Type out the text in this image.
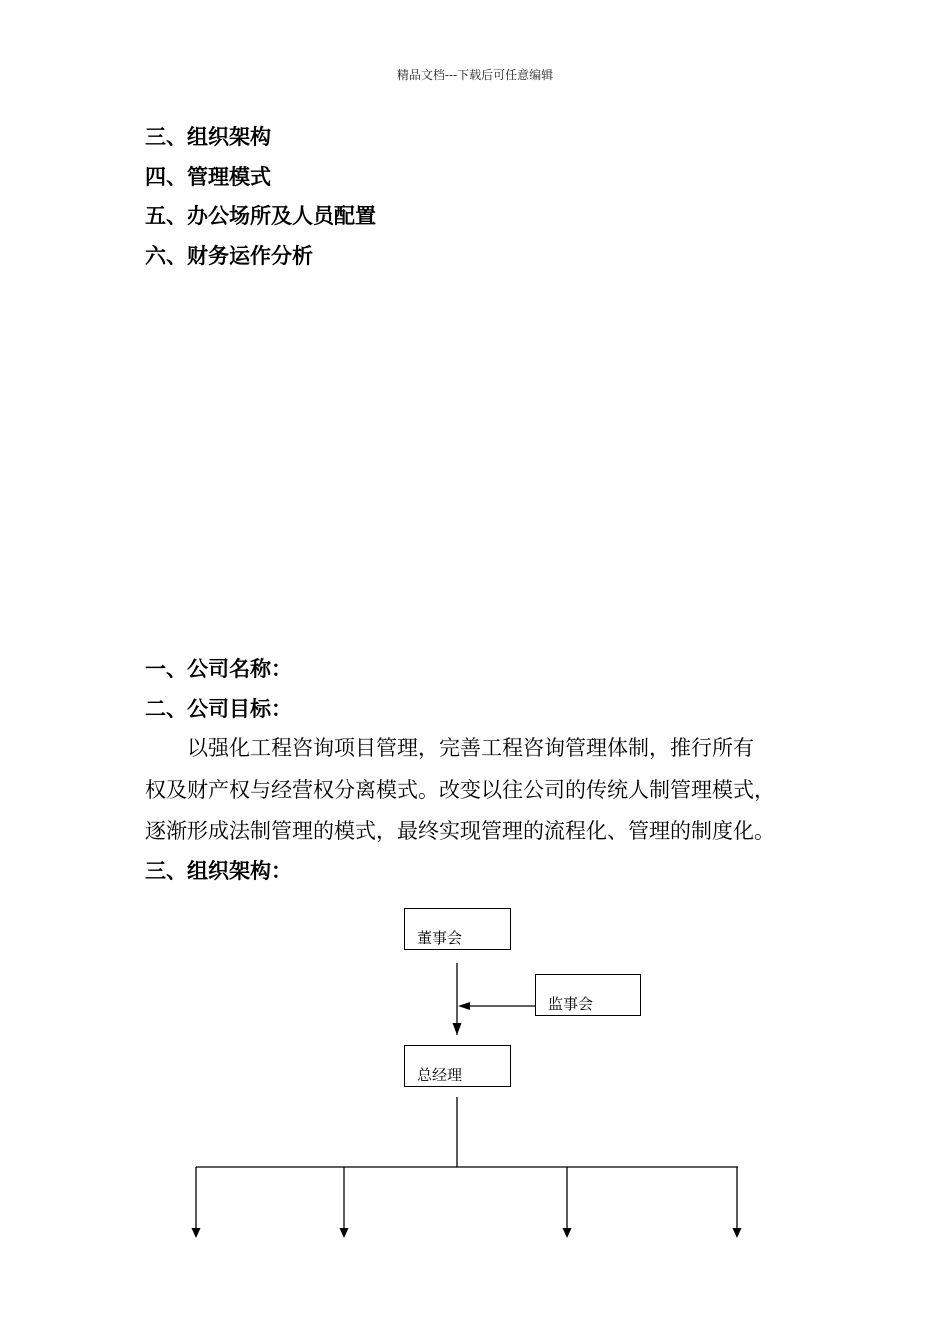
精品文档---下载后可任意编辑
三、组织架构
四、管理模式
五、办公场所及人员配置
六、财务运作分析
一、公司名称：
二、公司目标：
以强化工程咨询项目管理，完善工程咨询管理体制，推行所有
权及财产权与经营权分离模式。改变以往公司的传统人制管理模式，
逐渐形成法制管理的模式，最终实现管理的流程化、管理的制度化。
三、组织架构：
董事会
监事会
总经理
